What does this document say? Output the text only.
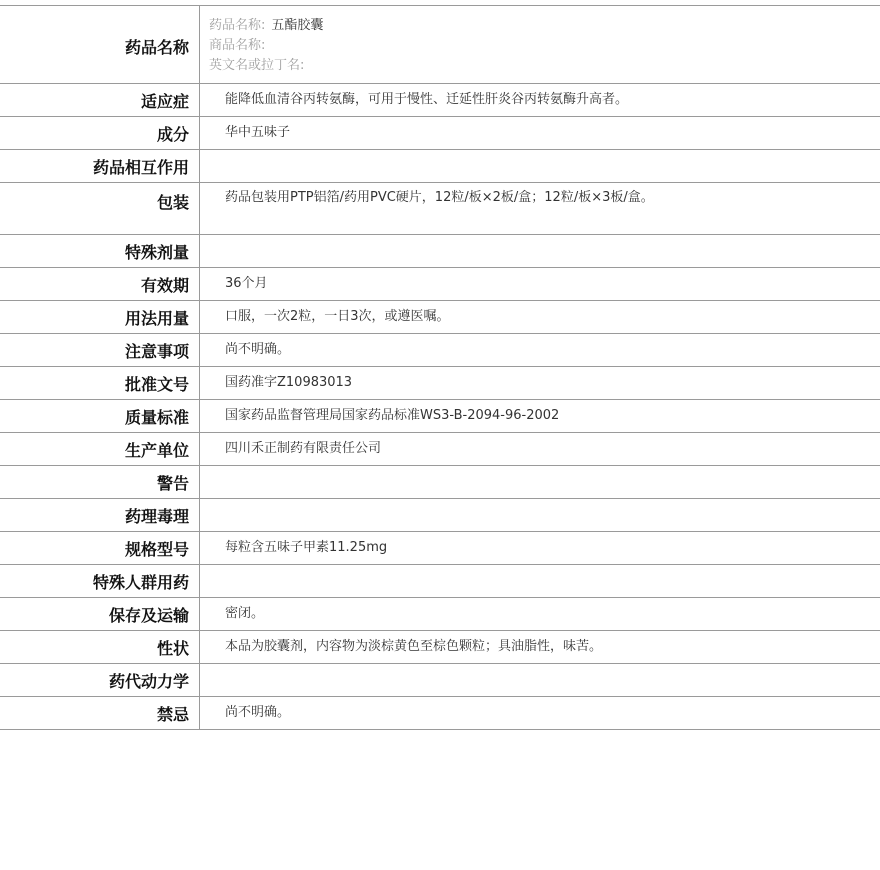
药品名称
药品名称: 五酯胶囊
商品名称:
英文名或拉丁名:
适应症	能降低血清谷丙转氨酶，可用于慢性、迁延性肝炎谷丙转氨酶升高者。
成分	华中五味子
药品相互作用
包装	药品包装用PTP铝箔/药用PVC硬片，12粒/板×2板/盒；12粒/板×3板/盒。
特殊剂量
有效期	36个月
用法用量	口服，一次2粒，一日3次，或遵医嘱。
注意事项	尚不明确。
批准文号	国药准字Z10983013
质量标准	国家药品监督管理局国家药品标准WS3-B-2094-96-2002
生产单位	四川禾正制药有限责任公司
警告
药理毒理
规格型号	每粒含五味子甲素11.25mg
特殊人群用药
保存及运输	密闭。
性状	本品为胶囊剂，内容物为淡棕黄色至棕色颗粒；具油脂性，味苦。
药代动力学
禁忌	尚不明确。
